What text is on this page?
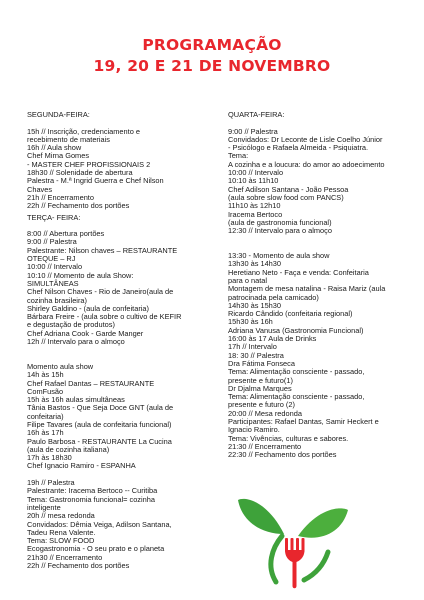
PROGRAMAÇÃO
19, 20 E 21 DE NOVEMBRO
SEGUNDA-FEIRA:
15h // Inscrição, credenciamento e
recebimento de materiais
16h // Aula show
Chef Mirna Gomes
- MASTER CHEF PROFISSIONAIS 2
18h30 // Solenidade de abertura
Palestra - M.ª Ingrid Guerra e Chef Nilson
Chaves
21h // Encerramento
22h // Fechamento dos portões
TERÇA- FEIRA:
8:00 // Abertura portões
9:00 // Palestra
Palestrante: Nilson chaves – RESTAURANTE
OTEQUE – RJ
10:00 // Intervalo
10:10 // Momento de aula Show:
SIMULTÂNEAS
Chef Nilson Chaves - Rio de Janeiro(aula de
cozinha brasileira)
Shirley Galdino - (aula de confeitaria)
Bárbara Freire - (aula sobre o cultivo de KEFIR
e degustação de produtos)
Chef Adriana Cook - Garde Manger
12h // Intervalo para o almoço
Momento aula show
14h às 15h
Chef Rafael Dantas – RESTAURANTE
ComFusão
15h às 16h aulas simultâneas
Tânia Bastos - Que Seja Doce GNT (aula de
confeitaria)
Filipe Tavares (aula de confeitaria funcional)
16h às 17h
Paulo Barbosa - RESTAURANTE La Cucina
(aula de cozinha italiana)
17h às 18h30
Chef Ignacio Ramiro - ESPANHA
19h // Palestra
Palestrante: Iracema Bertoco -- Curitiba
Tema: Gastronomia funcional= cozinha
inteligente
20h // mesa redonda
Convidados: Dêmia Veiga, Adilson Santana,
Tadeu Rena Valente.
Tema: SLOW FOOD
Ecogastronomia - O seu prato e o planeta
21h30 // Encerramento
22h // Fechamento dos portões
QUARTA-FEIRA:
9:00 // Palestra
Convidados: Dr Leconte de Lisle Coelho Júnior
- Psicólogo e Rafaela Almeida - Psiquiatra.
Tema:
A cozinha e a loucura: do amor ao adoecimento
10:00 // Intervalo
10:10 às 11h10
Chef Adilson Santana - João Pessoa
(aula sobre slow food com PANCS)
11h10 às 12h10
Iracema Bertoco
(aula de gastronomia funcional)
12:30 // Intervalo para o almoço
13:30 - Momento de aula show
13h30 às 14h30
Heretiano Neto - Faça e venda: Confeitaria
para o natal
Montagem de mesa natalina - Raisa Mariz (aula
patrocinada pela camicado)
14h30 às 15h30
Ricardo Cândido (confeitaria regional)
15h30 às 16h
Adriana Vanusa (Gastronomia Funcional)
16:00 às 17 Aula de Drinks
17h // Intervalo
18: 30 // Palestra
Dra Fátima Fonseca
Tema: Alimentação consciente - passado,
presente e futuro(1)
Dr Djalma Marques
Tema: Alimentação consciente - passado,
presente e futuro (2)
20:00 // Mesa redonda
Participantes: Rafael Dantas, Samir Heckert e
Ignacio Ramiro.
Tema: Vivências, culturas e sabores.
21:30 // Encerramento
22:30 // Fechamento dos portões
